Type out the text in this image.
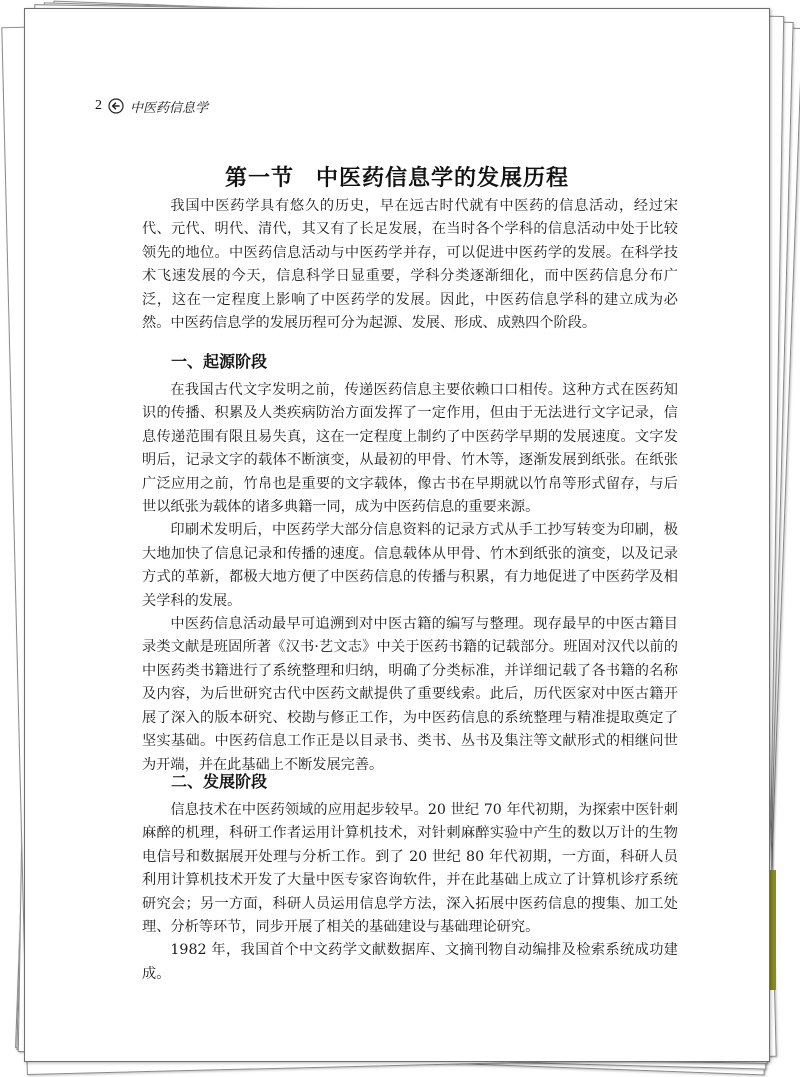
2 中医药信息学
第一节 中医药信息学的发展历程

我国中医药学具有悠久的历史，早在远古时代就有中医药的信息活动，经过宋代、元代、明代、清代，其又有了长足发展，在当时各个学科的信息活动中处于比较领先的地位。中医药信息活动与中医药学并存，可以促进中医药学的发展。在科学技术飞速发展的今天，信息科学日显重要，学科分类逐渐细化，而中医药信息分布广泛，这在一定程度上影响了中医药学的发展。因此，中医药信息学科的建立成为必然。中医药信息学的发展历程可分为起源、发展、形成、成熟四个阶段。

一、起源阶段

在我国古代文字发明之前，传递医药信息主要依赖口口相传。这种方式在医药知识的传播、积累及人类疾病防治方面发挥了一定作用，但由于无法进行文字记录，信息传递范围有限且易失真，这在一定程度上制约了中医药学早期的发展速度。文字发明后，记录文字的载体不断演变，从最初的甲骨、竹木等，逐渐发展到纸张。在纸张广泛应用之前，竹帛也是重要的文字载体，像古书在早期就以竹帛等形式留存，与后世以纸张为载体的诸多典籍一同，成为中医药信息的重要来源。

印刷术发明后，中医药学大部分信息资料的记录方式从手工抄写转变为印刷，极大地加快了信息记录和传播的速度。信息载体从甲骨、竹木到纸张的演变，以及记录方式的革新，都极大地方便了中医药信息的传播与积累，有力地促进了中医药学及相关学科的发展。

中医药信息活动最早可追溯到对中医古籍的编写与整理。现存最早的中医古籍目录类文献是班固所著《汉书·艺文志》中关于医药书籍的记载部分。班固对汉代以前的中医药类书籍进行了系统整理和归纳，明确了分类标准，并详细记载了各书籍的名称及内容，为后世研究古代中医药文献提供了重要线索。此后，历代医家对中医古籍开展了深入的版本研究、校勘与修正工作，为中医药信息的系统整理与精准提取奠定了坚实基础。中医药信息工作正是以目录书、类书、丛书及集注等文献形式的相继问世为开端，并在此基础上不断发展完善。

二、发展阶段

信息技术在中医药领域的应用起步较早。20 世纪 70 年代初期，为探索中医针刺麻醉的机理，科研工作者运用计算机技术，对针刺麻醉实验中产生的数以万计的生物电信号和数据展开处理与分析工作。到了 20 世纪 80 年代初期，一方面，科研人员利用计算机技术开发了大量中医专家咨询软件，并在此基础上成立了计算机诊疗系统研究会；另一方面，科研人员运用信息学方法，深入拓展中医药信息的搜集、加工处理、分析等环节，同步开展了相关的基础建设与基础理论研究。

1982 年，我国首个中文药学文献数据库、文摘刊物自动编排及检索系统成功建成。
